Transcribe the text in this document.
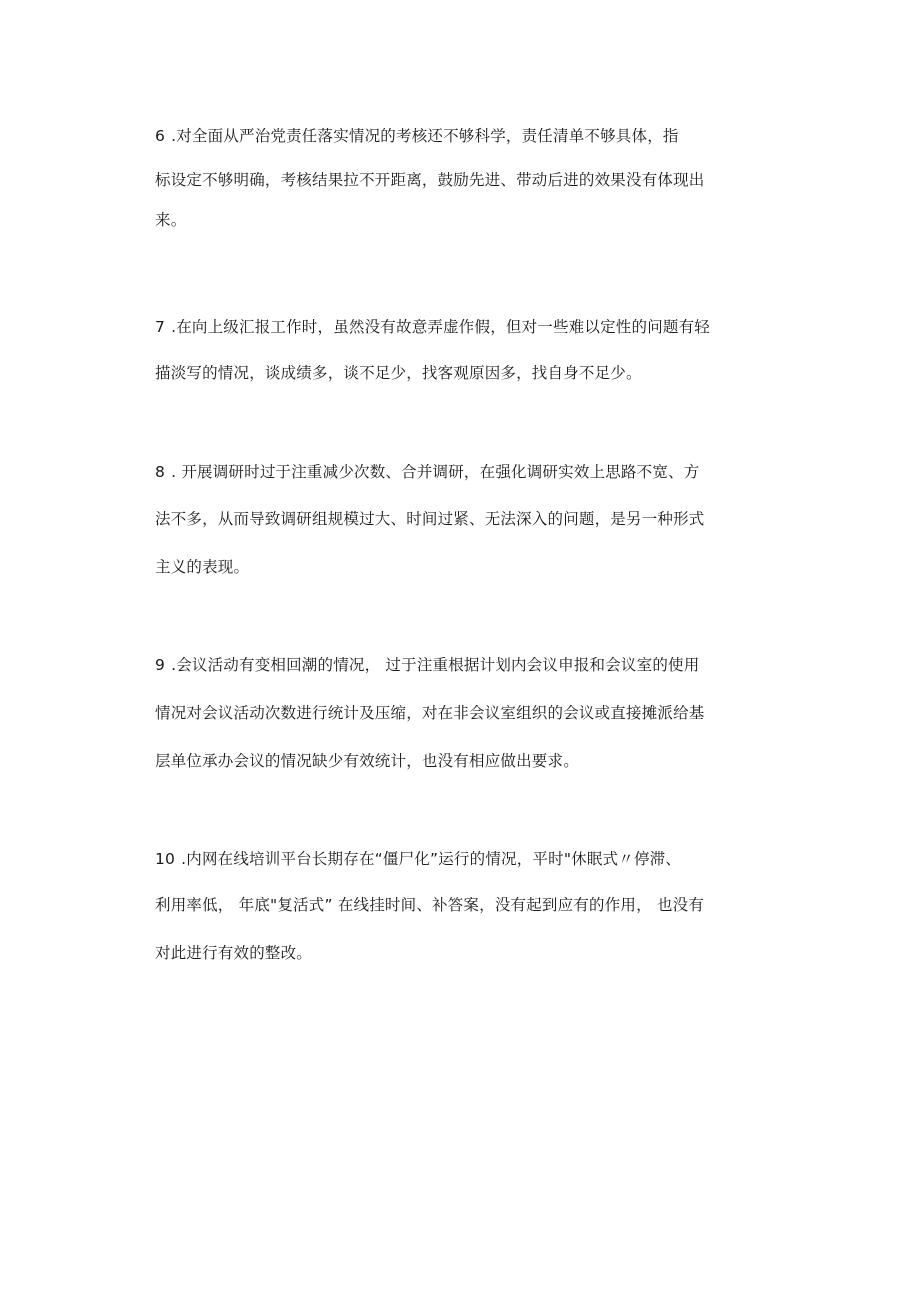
6 .对全面从严治党责任落实情况的考核还不够科学，责任清单不够具体，指
标设定不够明确，考核结果拉不开距离，鼓励先进、带动后进的效果没有体现出
来。
7 .在向上级汇报工作时，虽然没有故意弄虚作假，但对一些难以定性的问题有轻
描淡写的情况，谈成绩多，谈不足少，找客观原因多，找自身不足少。
8 . 开展调研时过于注重减少次数、合并调研，在强化调研实效上思路不宽、方
法不多，从而导致调研组规模过大、时间过紧、无法深入的问题，是另一种形式
主义的表现。
9 .会议活动有变相回潮的情况， 过于注重根据计划内会议申报和会议室的使用
情况对会议活动次数进行统计及压缩，对在非会议室组织的会议或直接摊派给基
层单位承办会议的情况缺少有效统计，也没有相应做出要求。
10 .内网在线培训平台长期存在“僵尸化”运行的情况，平时"休眠式〃停滞、
利用率低， 年底"复活式” 在线挂时间、补答案，没有起到应有的作用， 也没有
对此进行有效的整改。
